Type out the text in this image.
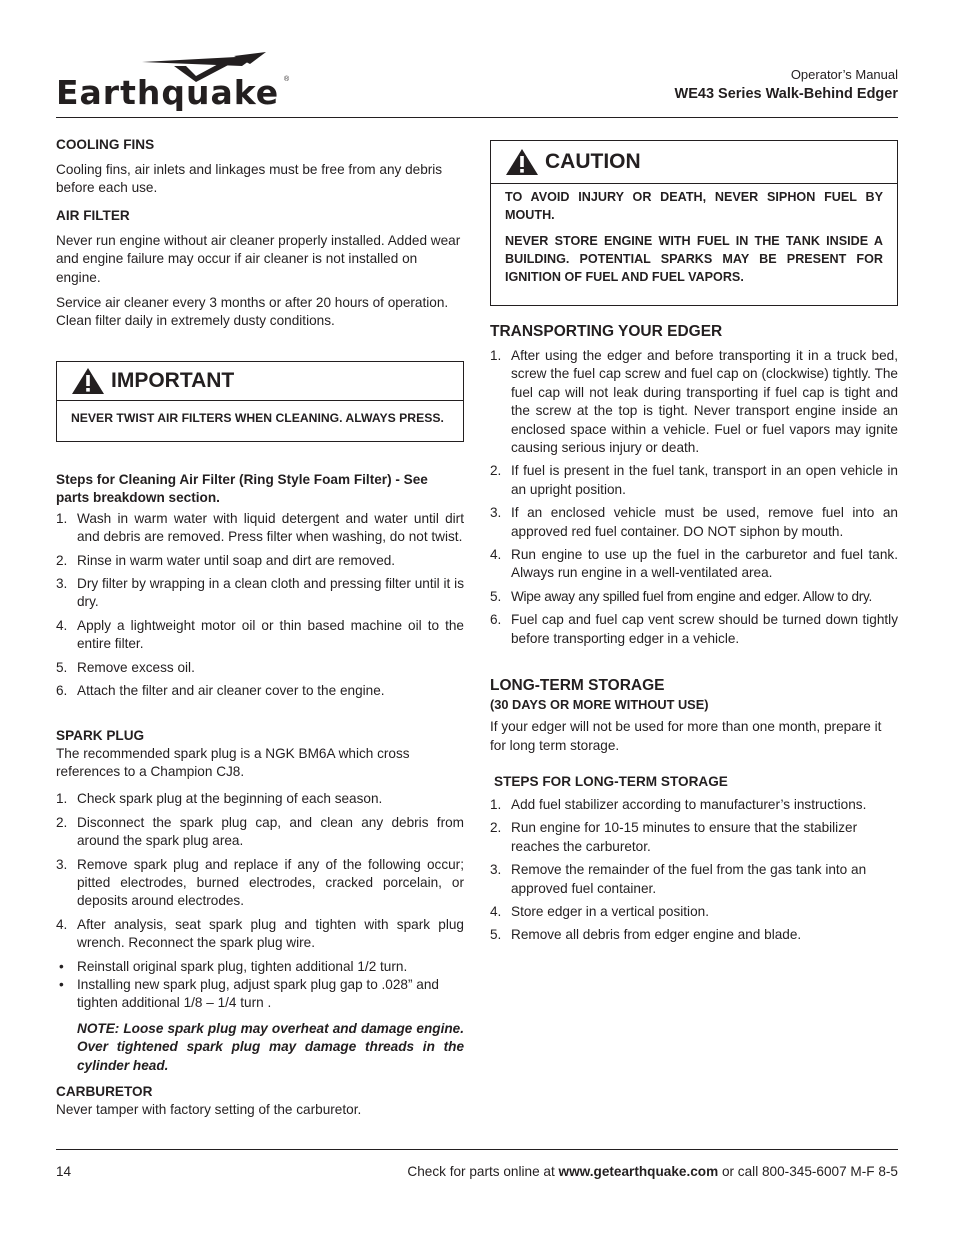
Earthquake ®	Operator’s Manual
WE43 Series Walk-Behind Edger
COOLING FINS

Cooling fins, air inlets and linkages must be free from any debris before each use.

AIR FILTER

Never run engine without air cleaner properly installed. Added wear and engine failure may occur if air cleaner is not installed on engine.

Service air cleaner every 3 months or after 20 hours of operation. Clean filter daily in extremely dusty conditions.

IMPORTANT
NEVER TWIST AIR FILTERS WHEN CLEANING. ALWAYS PRESS.
Steps for Cleaning Air Filter (Ring Style Foam Filter) - See parts breakdown section.
1. Wash in warm water with liquid detergent and water until dirt and debris are removed. Press filter when washing, do not twist.
2. Rinse in warm water until soap and dirt are removed.
3. Dry filter by wrapping in a clean cloth and pressing filter until it is dry.
4. Apply a lightweight motor oil or thin based machine oil to the entire filter.
5. Remove excess oil.
6. Attach the filter and air cleaner cover to the engine.
SPARK PLUG

The recommended spark plug is a NGK BM6A which cross references to a Champion CJ8.

1. Check spark plug at the beginning of each season.
2. Disconnect the spark plug cap, and clean any debris from around the spark plug area.
3. Remove spark plug and replace if any of the following occur; pitted electrodes, burned electrodes, cracked porcelain, or deposits around electrodes.
4. After analysis, seat spark plug and tighten with spark plug wrench. Reconnect the spark plug wire.
• Reinstall original spark plug, tighten additional 1/2 turn.
• Installing new spark plug, adjust spark plug gap to .028” and tighten additional 1/8 – 1/4 turn .
NOTE: Loose spark plug may overheat and damage engine. Over tightened spark plug may damage threads in the cylinder head.
CARBURETOR

Never tamper with factory setting of the carburetor.

CAUTION
TO AVOID INJURY OR DEATH, NEVER SIPHON FUEL BY MOUTH.
NEVER STORE ENGINE WITH FUEL IN THE TANK INSIDE A BUILDING. POTENTIAL SPARKS MAY BE PRESENT FOR IGNITION OF FUEL AND FUEL VAPORS.
TRANSPORTING YOUR EDGER
1. After using the edger and before transporting it in a truck bed, screw the fuel cap screw and fuel cap on (clockwise) tightly. The fuel cap will not leak during transporting if fuel cap is tight and the screw at the top is tight. Never transport engine inside an enclosed space within a vehicle. Fuel or fuel vapors may ignite causing serious injury or death.
2. If fuel is present in the fuel tank, transport in an open vehicle in an upright position.
3. If an enclosed vehicle must be used, remove fuel into an approved red fuel container. DO NOT siphon by mouth.
4. Run engine to use up the fuel in the carburetor and fuel tank. Always run engine in a well-ventilated area.
5. Wipe away any spilled fuel from engine and edger. Allow to dry.
6. Fuel cap and fuel cap vent screw should be turned down tightly before transporting edger in a vehicle.
LONG-TERM STORAGE
(30 DAYS OR MORE WITHOUT USE)

If your edger will not be used for more than one month, prepare it for long term storage.

STEPS FOR LONG-TERM STORAGE
1. Add fuel stabilizer according to manufacturer’s instructions.
2. Run engine for 10-15 minutes to ensure that the stabilizer reaches the carburetor.
3. Remove the remainder of the fuel from the gas tank into an approved fuel container.
4. Store edger in a vertical position.
5. Remove all debris from edger engine and blade.
14	Check for parts online at www.getearthquake.com or call 800-345-6007 M-F 8-5
